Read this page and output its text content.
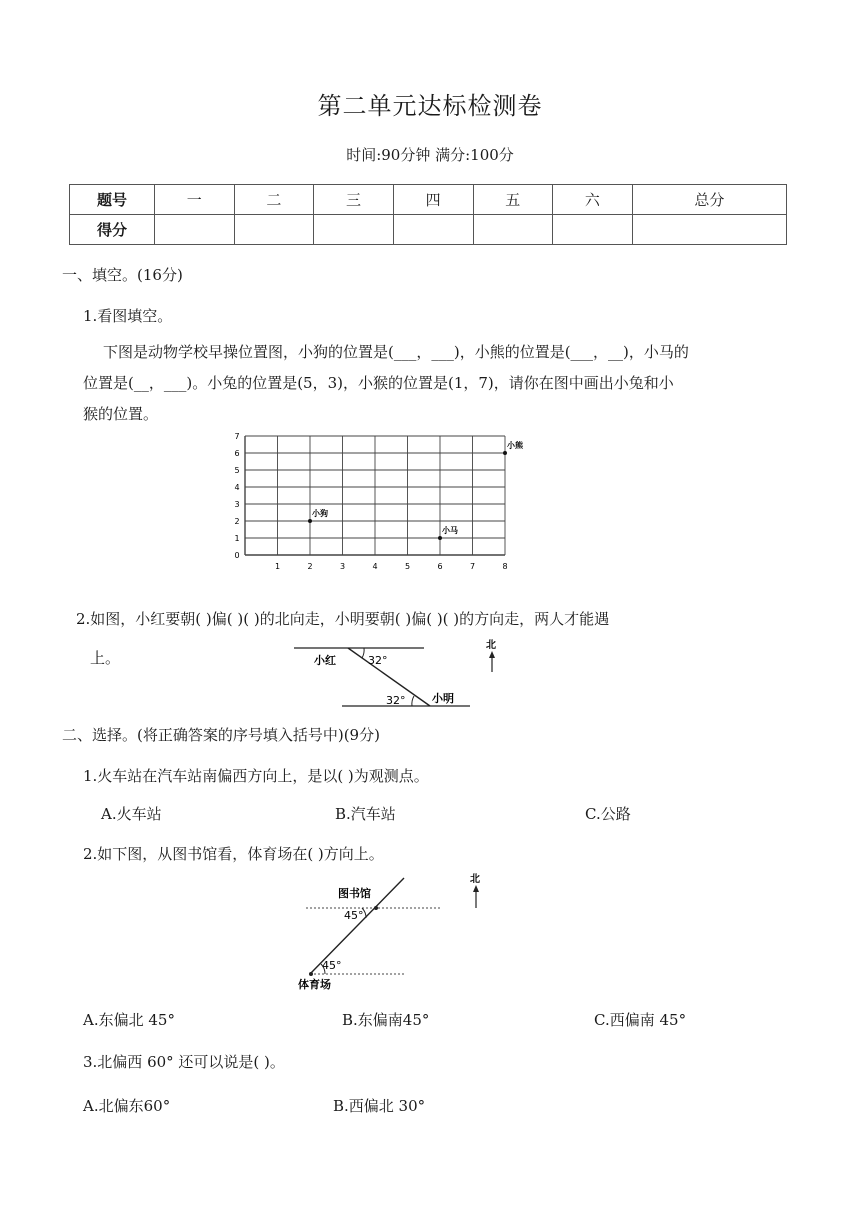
第二单元达标检测卷
时间:90分钟 满分:100分
题号	一	二	三	四	五	六	总分
得分							
一、填空。(16分)
1.看图填空。
下图是动物学校早操位置图，小狗的位置是(___，___)，小熊的位置是(___，__)，小马的
位置是(__，___)。小兔的位置是(5，3)，小猴的位置是(1，7)，请你在图中画出小兔和小
猴的位置。
1	2	3	4	5	6	7	8
0
1
2
3
4
5
6
7
小狗
小马
小熊
2.如图，小红要朝( )偏( )( )的北向走，小明要朝( )偏( )( )的方向走，两人才能遇
上。	小红	32°
32° 小明
北
二、选择。(将正确答案的序号填入括号中)(9分)
1.火车站在汽车站南偏西方向上，是以( )为观测点。
A.火车站	B.汽车站	C.公路
2.如下图，从图书馆看，体育场在( )方向上。
图书馆
45°
45°
体育场
北
A.东偏北 45°	B.东偏南45°	C.西偏南 45°
3.北偏西 60° 还可以说是( )。
A.北偏东60°	B.西偏北 30°
